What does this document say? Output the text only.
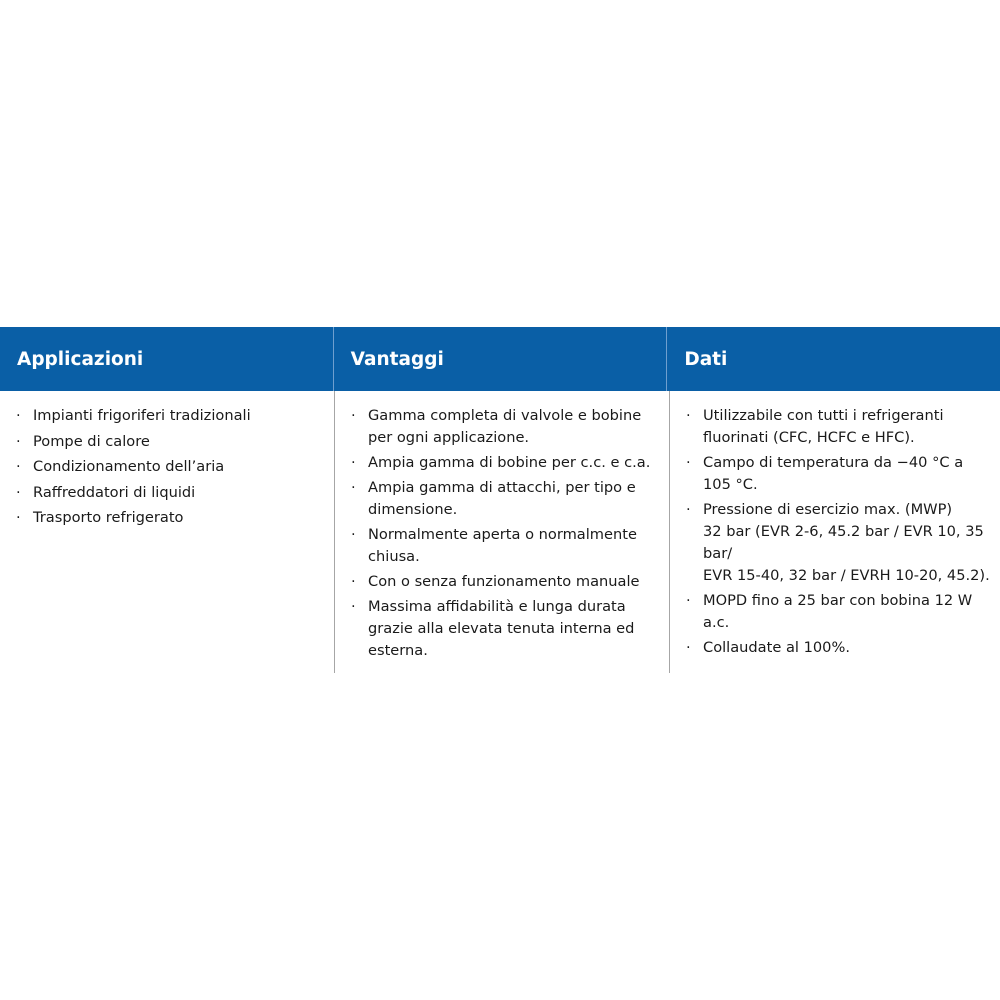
Applicazioni	Vantaggi	Dati
· Impianti frigoriferi tradizionali
· Pompe di calore
· Condizionamento dell’aria
· Raffreddatori di liquidi
· Trasporto refrigerato
· Gamma completa di valvole e bobine
per ogni applicazione.
· Ampia gamma di bobine per c.c. e c.a.
· Ampia gamma di attacchi, per tipo e
dimensione.
· Normalmente aperta o normalmente
chiusa.
· Con o senza funzionamento manuale
· Massima affidabilità e lunga durata
grazie alla elevata tenuta interna ed
esterna.
· Utilizzabile con tutti i refrigeranti
fluorinati (CFC, HCFC e HFC).
· Campo di temperatura da −40 °C a
105 °C.
· Pressione di esercizio max. (MWP)
32 bar (EVR 2-6, 45.2 bar / EVR 10, 35 bar/
EVR 15-40, 32 bar / EVRH 10-20, 45.2).
· MOPD fino a 25 bar con bobina 12 W a.c.
· Collaudate al 100%.
